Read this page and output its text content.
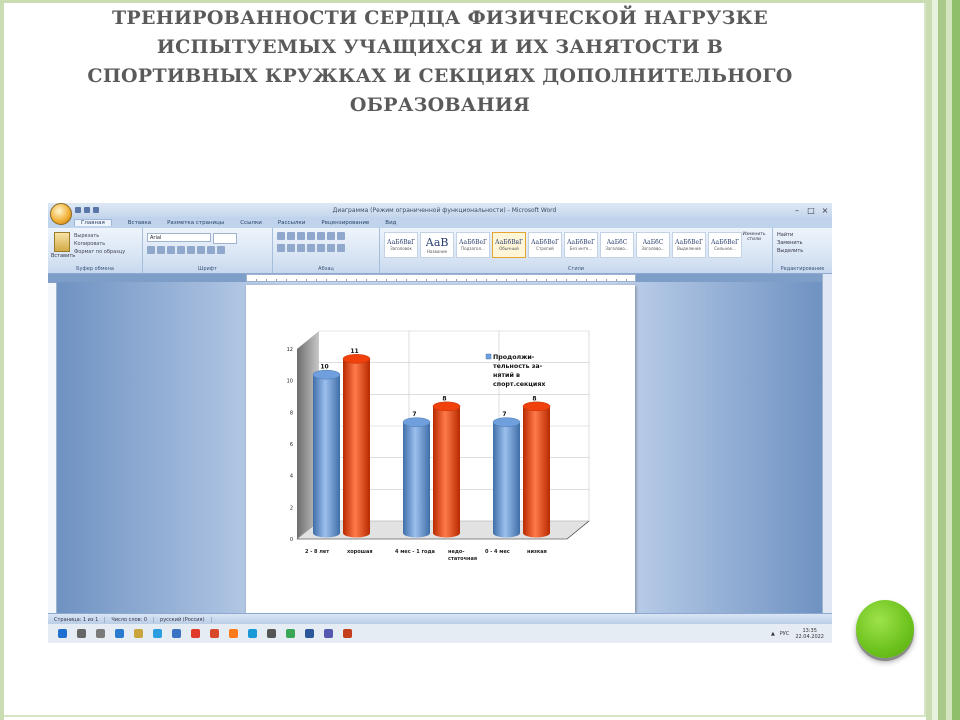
ТРЕНИРОВАННОСТИ СЕРДЦА ФИЗИЧЕСКОЙ НАГРУЗКЕ
ИСПЫТУЕМЫХ УЧАЩИХСЯ И ИХ ЗАНЯТОСТИ В
СПОРТИВНЫХ КРУЖКАХ И СЕКЦИЯХ ДОПОЛНИТЕЛЬНОГО
ОБРАЗОВАНИЯ
Диаграмма (Режим ограниченной функциональности) - Microsoft Word	–	□ ×
Главная	Вставка	Разметка страницы	Ссылки	Рассылки	Рецензирование	Вид
Вставить
Вырезать
Копировать
Формат по образцу
Буфер обмена
Arial
Шрифт	Абзац
АаБбВвГ
Заголовок АаВ
Название
АаБбВеГ
Подзагол...
АаБбВвГ
Обычный
АаБбВеГ
Строгий
АаБбВеГ
Без инте...
АаБбС
Заголово...
АаБбС
Заголово...
АаБбВеГ
Выделение
АаБбВеГ
Сильное...
Изменить стили
Стили
Найти
Заменить
Выделить
Редактирование
0
2
4
6
8
10
12
10
11
2 - 8 лет	хорошая
7
8
4 мес - 1 года	недо-
статочная
7
8
0 - 4 мес	низкая
Продолжи-
тельность за-
нятий в
спорт.секциях
Страница: 1 из 1	Число слов: 0	русский (Россия)
▲ РУС	13:35
22.04.2022
